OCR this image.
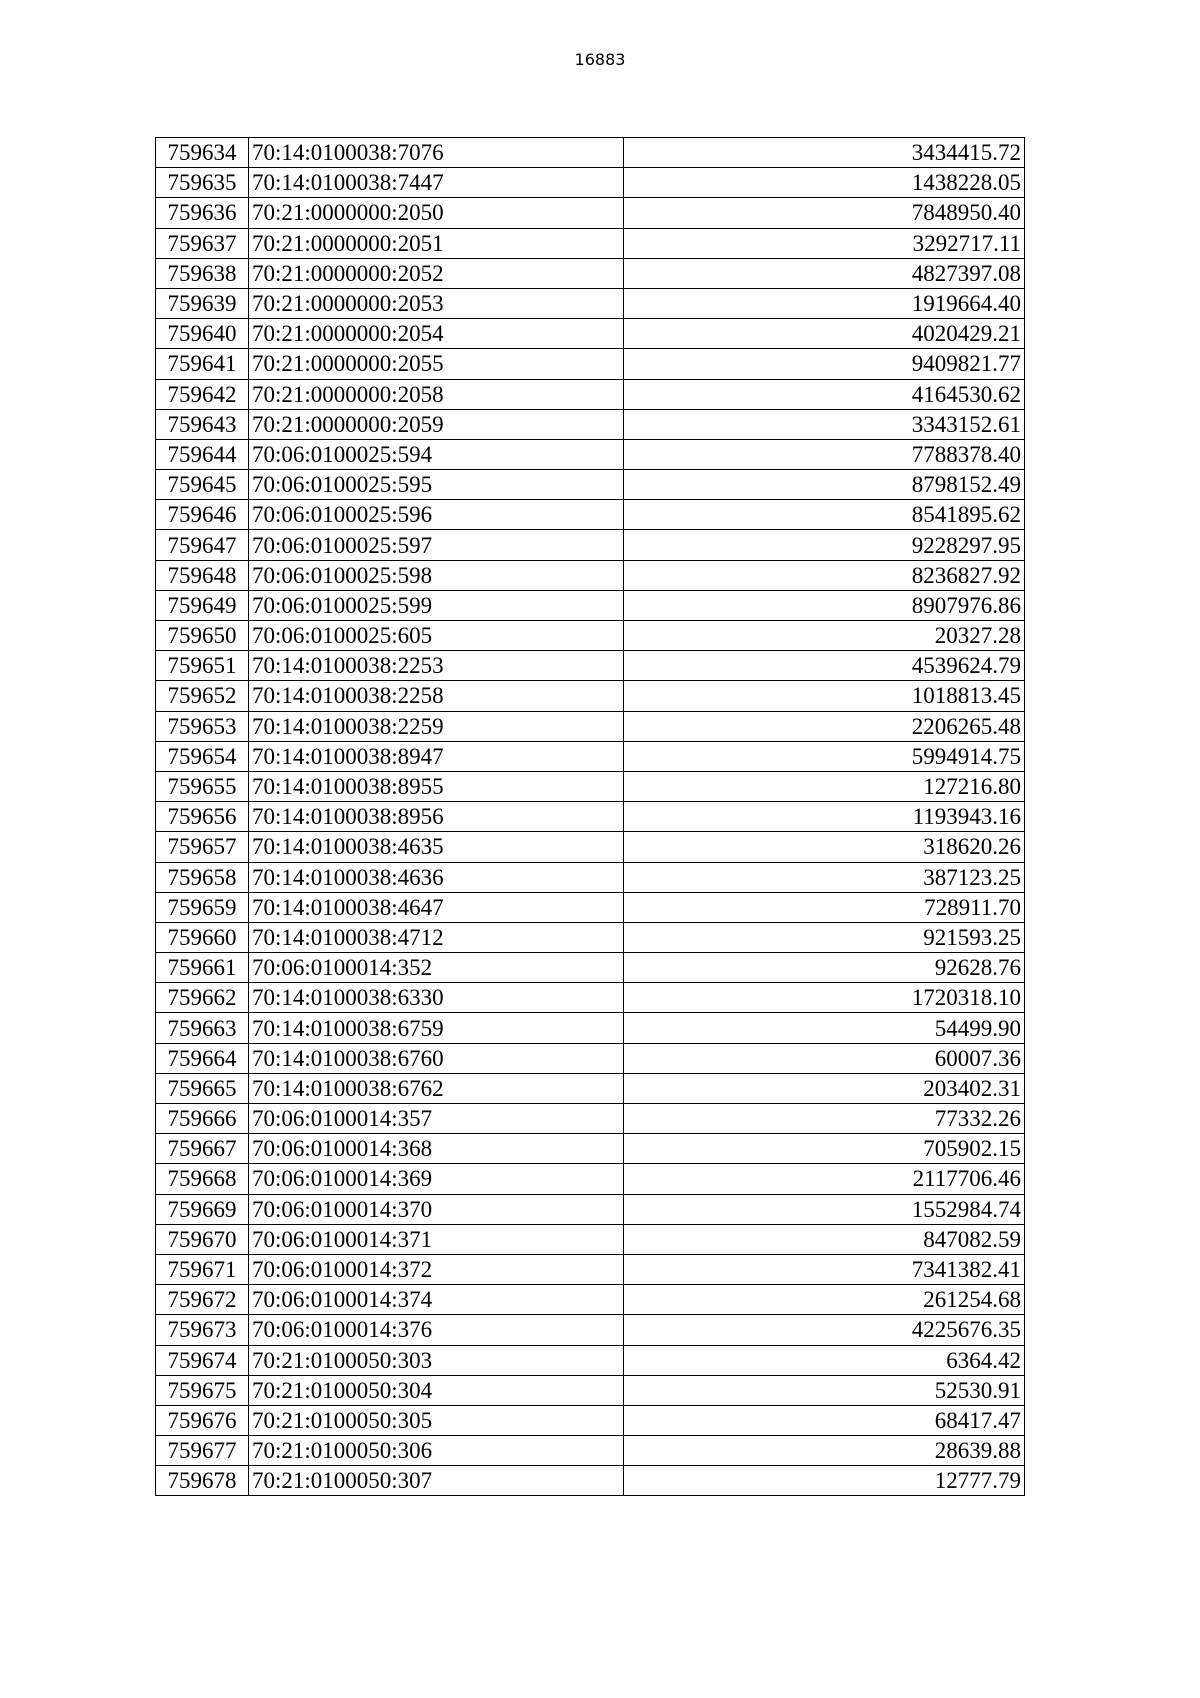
16883
759634	70:14:0100038:7076	3434415.72
759635	70:14:0100038:7447	1438228.05
759636	70:21:0000000:2050	7848950.40
759637	70:21:0000000:2051	3292717.11
759638	70:21:0000000:2052	4827397.08
759639	70:21:0000000:2053	1919664.40
759640	70:21:0000000:2054	4020429.21
759641	70:21:0000000:2055	9409821.77
759642	70:21:0000000:2058	4164530.62
759643	70:21:0000000:2059	3343152.61
759644	70:06:0100025:594	7788378.40
759645	70:06:0100025:595	8798152.49
759646	70:06:0100025:596	8541895.62
759647	70:06:0100025:597	9228297.95
759648	70:06:0100025:598	8236827.92
759649	70:06:0100025:599	8907976.86
759650	70:06:0100025:605	20327.28
759651	70:14:0100038:2253	4539624.79
759652	70:14:0100038:2258	1018813.45
759653	70:14:0100038:2259	2206265.48
759654	70:14:0100038:8947	5994914.75
759655	70:14:0100038:8955	127216.80
759656	70:14:0100038:8956	1193943.16
759657	70:14:0100038:4635	318620.26
759658	70:14:0100038:4636	387123.25
759659	70:14:0100038:4647	728911.70
759660	70:14:0100038:4712	921593.25
759661	70:06:0100014:352	92628.76
759662	70:14:0100038:6330	1720318.10
759663	70:14:0100038:6759	54499.90
759664	70:14:0100038:6760	60007.36
759665	70:14:0100038:6762	203402.31
759666	70:06:0100014:357	77332.26
759667	70:06:0100014:368	705902.15
759668	70:06:0100014:369	2117706.46
759669	70:06:0100014:370	1552984.74
759670	70:06:0100014:371	847082.59
759671	70:06:0100014:372	7341382.41
759672	70:06:0100014:374	261254.68
759673	70:06:0100014:376	4225676.35
759674	70:21:0100050:303	6364.42
759675	70:21:0100050:304	52530.91
759676	70:21:0100050:305	68417.47
759677	70:21:0100050:306	28639.88
759678	70:21:0100050:307	12777.79
